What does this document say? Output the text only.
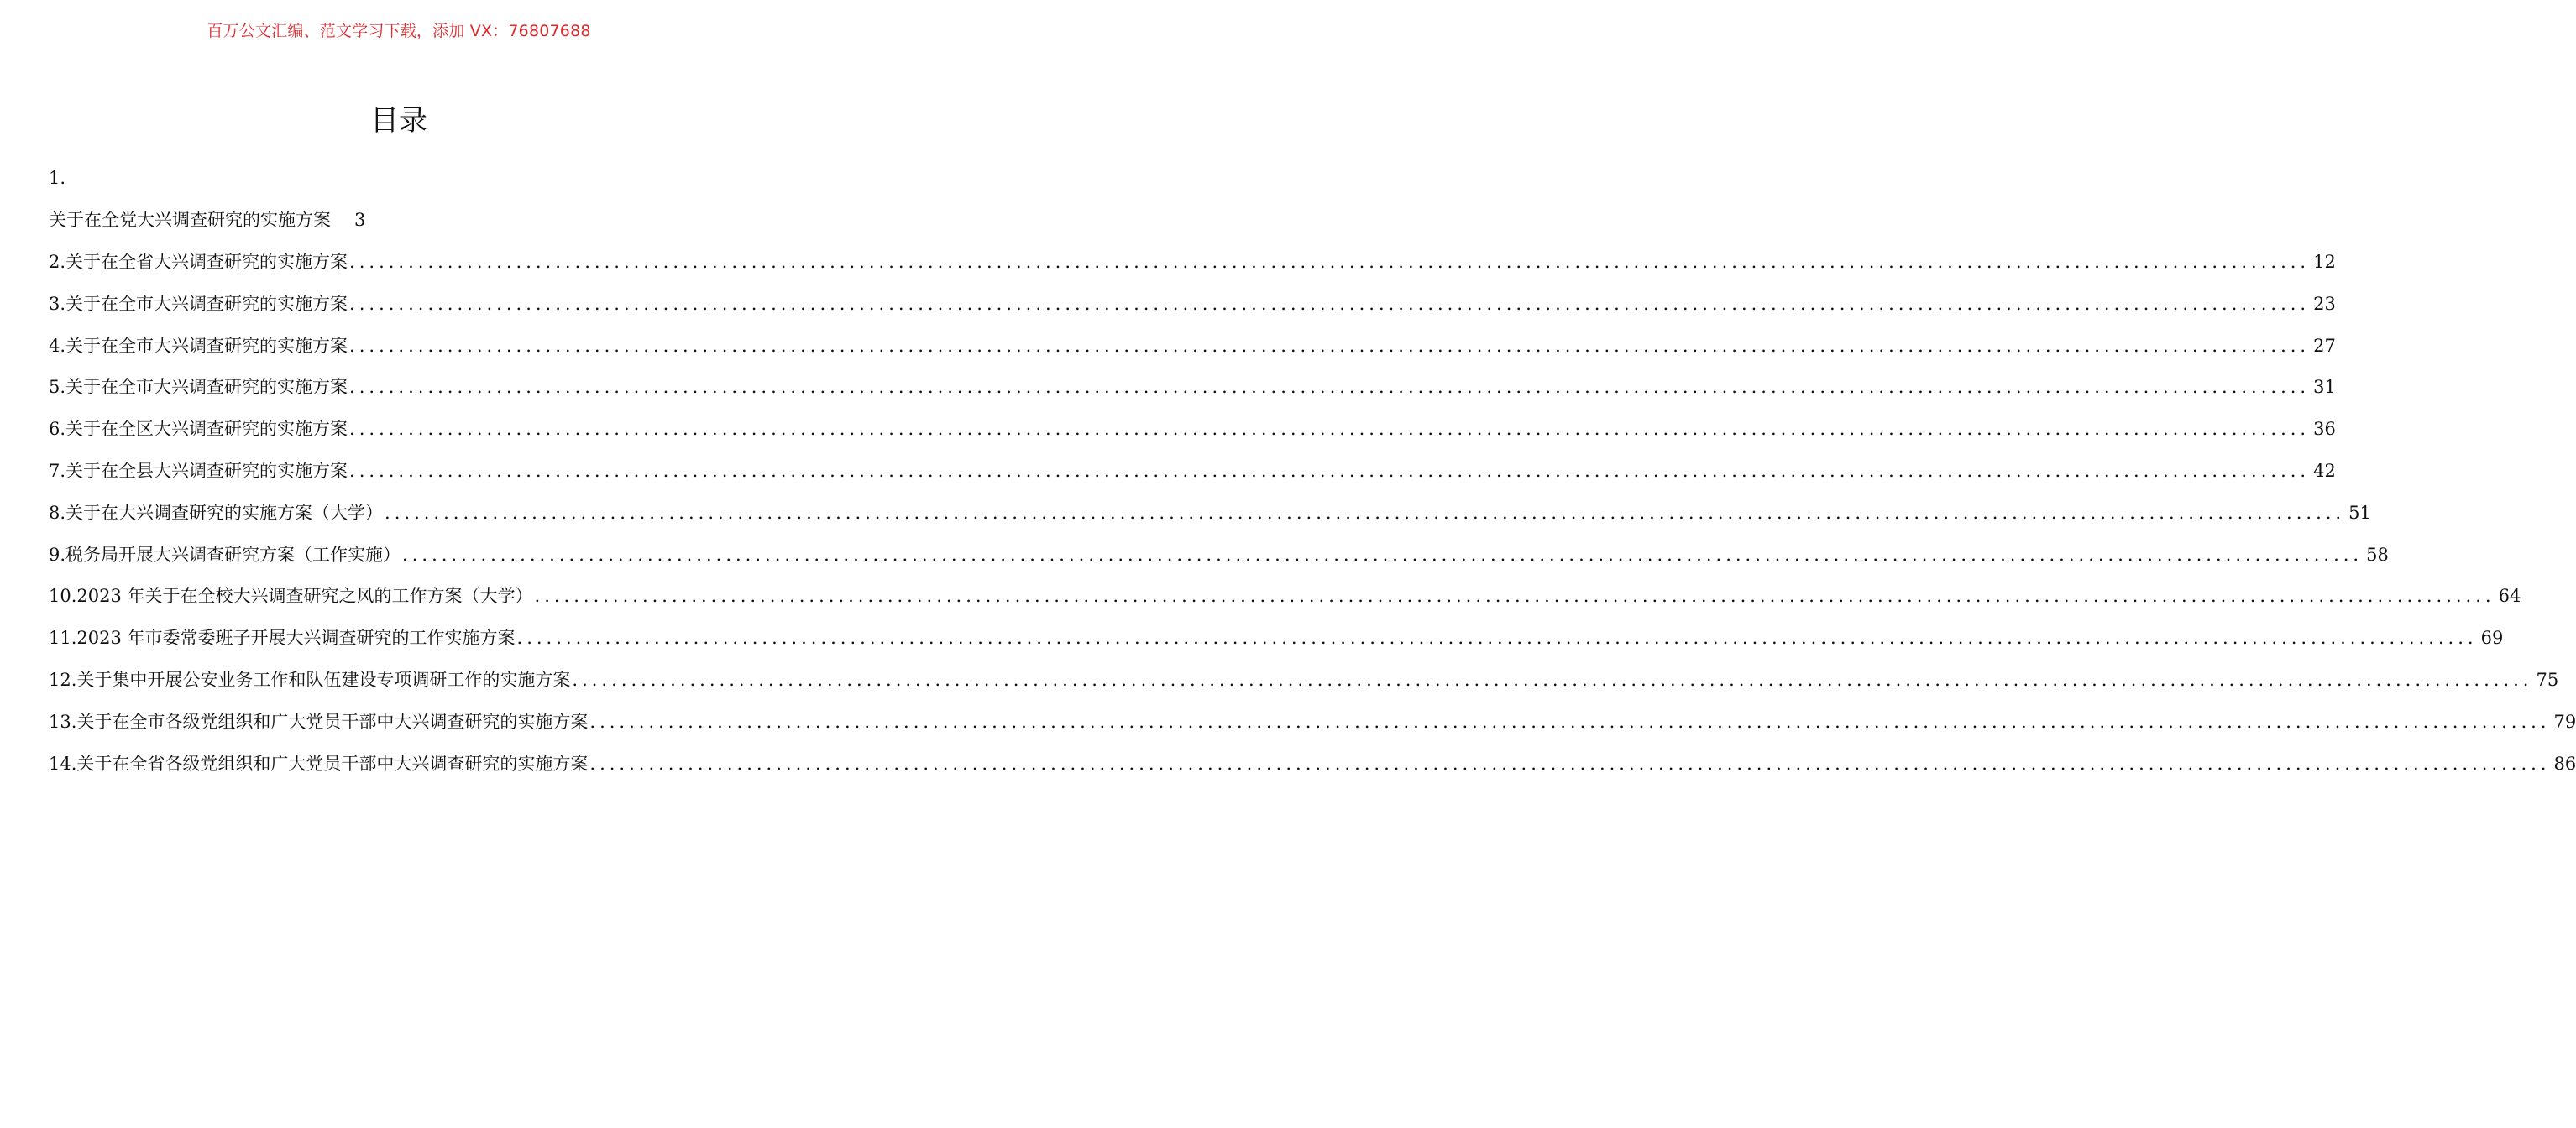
百万公文汇编、范文学习下载，添加 VX：76807688
目录
1.
关于在全党大兴调查研究的实施方案 3
2.关于在全省大兴调查研究的实施方案 ........................................................................................................................................................................................................ 12
3.关于在全市大兴调查研究的实施方案 ........................................................................................................................................................................................................ 23
4.关于在全市大兴调查研究的实施方案 ........................................................................................................................................................................................................ 27
5.关于在全市大兴调查研究的实施方案 ........................................................................................................................................................................................................ 31
6.关于在全区大兴调查研究的实施方案 ........................................................................................................................................................................................................ 36
7.关于在全县大兴调查研究的实施方案 ........................................................................................................................................................................................................ 42
8.关于在大兴调查研究的实施方案（大学） ........................................................................................................................................................................................................ 51
9.税务局开展大兴调查研究方案（工作实施） ........................................................................................................................................................................................................ 58
10.2023 年关于在全校大兴调查研究之风的工作方案（大学） ........................................................................................................................................................................................................ 64
11.2023 年市委常委班子开展大兴调查研究的工作实施方案 ........................................................................................................................................................................................................ 69
12.关于集中开展公安业务工作和队伍建设专项调研工作的实施方案 ........................................................................................................................................................................................................ 75
13.关于在全市各级党组织和广大党员干部中大兴调查研究的实施方案 ........................................................................................................................................................................................................ 79
14.关于在全省各级党组织和广大党员干部中大兴调查研究的实施方案 ........................................................................................................................................................................................................ 86
